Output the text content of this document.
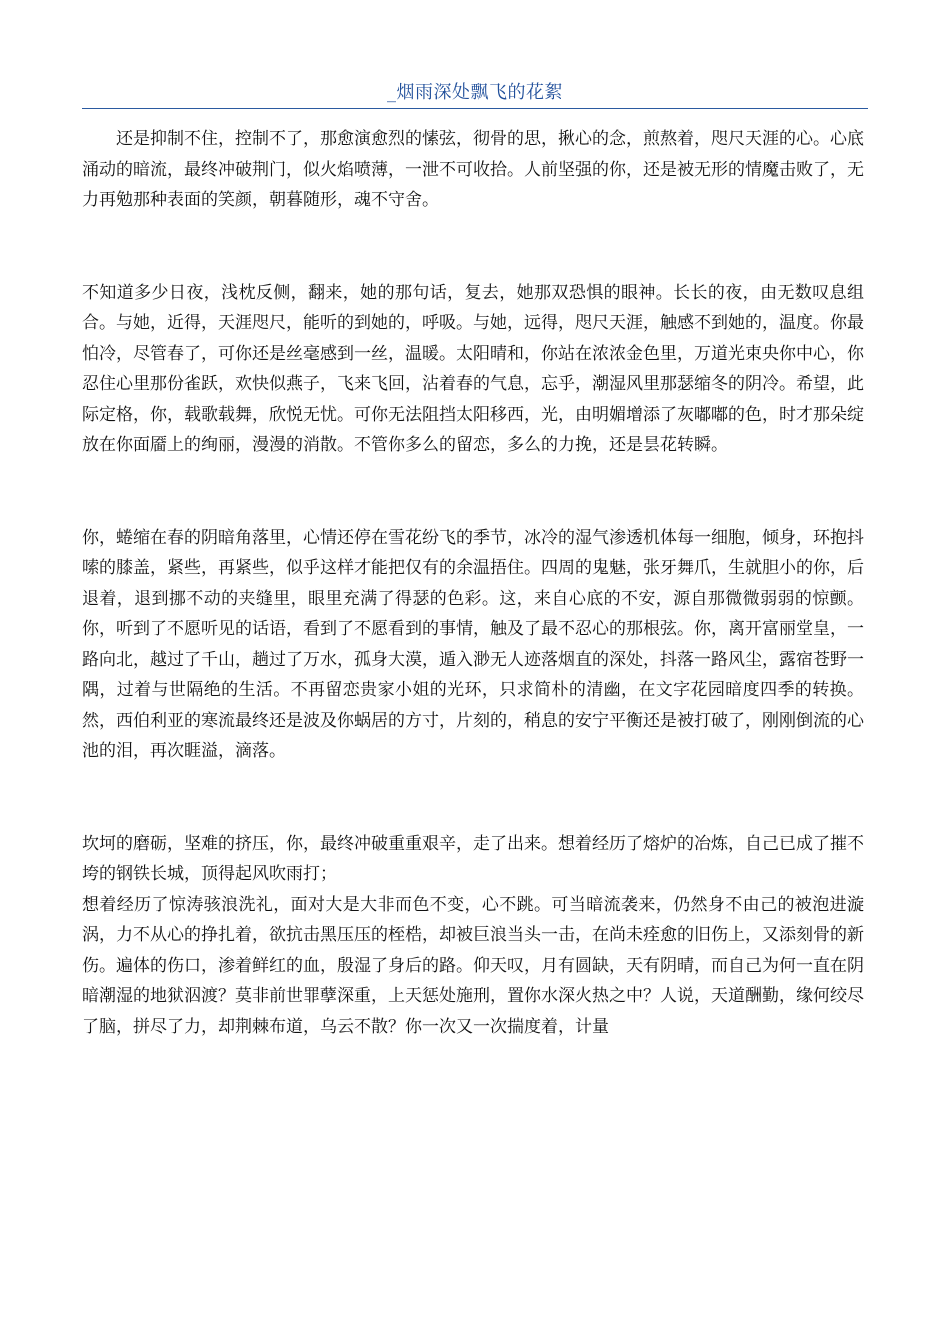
_烟雨深处飘飞的花絮

还是抑制不住，控制不了，那愈演愈烈的愫弦，彻骨的思，揪心的念，煎熬着，咫尺天涯的心。心底涌动的暗流，最终冲破荆门，似火焰喷薄，一泄不可收拾。人前坚强的你，还是被无形的情魔击败了，无力再勉那种表面的笑颜，朝暮随形，魂不守舍。

不知道多少日夜，浅枕反侧，翻来，她的那句话，复去，她那双恐惧的眼神。长长的夜，由无数叹息组合。与她，近得，天涯咫尺，能听的到她的，呼吸。与她，远得，咫尺天涯，触感不到她的，温度。你最怕冷，尽管春了，可你还是丝毫感到一丝，温暖。太阳晴和，你站在浓浓金色里，万道光束央你中心，你忍住心里那份雀跃，欢快似燕子，飞来飞回，沾着春的气息，忘乎，潮湿风里那瑟缩冬的阴冷。希望，此际定格，你，载歌载舞，欣悦无忧。可你无法阻挡太阳移西，光，由明媚增添了灰嘟嘟的色，时才那朵绽放在你面靥上的绚丽，漫漫的消散。不管你多么的留恋，多么的力挽，还是昙花转瞬。

你，蜷缩在春的阴暗角落里，心情还停在雪花纷飞的季节，冰冷的湿气渗透机体每一细胞，倾身，环抱抖嗦的膝盖，紧些，再紧些，似乎这样才能把仅有的余温捂住。四周的鬼魅，张牙舞爪，生就胆小的你，后退着，退到挪不动的夹缝里，眼里充满了得瑟的色彩。这，来自心底的不安，源自那微微弱弱的惊颤。你，听到了不愿听见的话语，看到了不愿看到的事情，触及了最不忍心的那根弦。你，离开富丽堂皇，一路向北，越过了千山，趟过了万水，孤身大漠，遁入渺无人迹落烟直的深处，抖落一路风尘，露宿苍野一隅，过着与世隔绝的生活。不再留恋贵家小姐的光环，只求简朴的清幽，在文字花园暗度四季的转换。然，西伯利亚的寒流最终还是波及你蜗居的方寸，片刻的，稍息的安宁平衡还是被打破了，刚刚倒流的心池的泪，再次睚溢，滴落。

坎坷的磨砺，坚难的挤压，你，最终冲破重重艰辛，走了出来。想着经历了熔炉的冶炼，自己已成了摧不垮的钢铁长城，顶得起风吹雨打；

想着经历了惊涛骇浪洗礼，面对大是大非而色不变，心不跳。可当暗流袭来，仍然身不由己的被泡进漩涡，力不从心的挣扎着，欲抗击黑压压的桎梏，却被巨浪当头一击，在尚未痊愈的旧伤上，又添刻骨的新伤。遍体的伤口，渗着鲜红的血，殷湿了身后的路。仰天叹，月有圆缺，天有阴晴，而自己为何一直在阴暗潮湿的地狱泅渡？莫非前世罪孽深重，上天惩处施刑，置你水深火热之中？人说，天道酬勤，缘何绞尽了脑，拼尽了力，却荆棘布道，乌云不散？你一次又一次揣度着，计量
